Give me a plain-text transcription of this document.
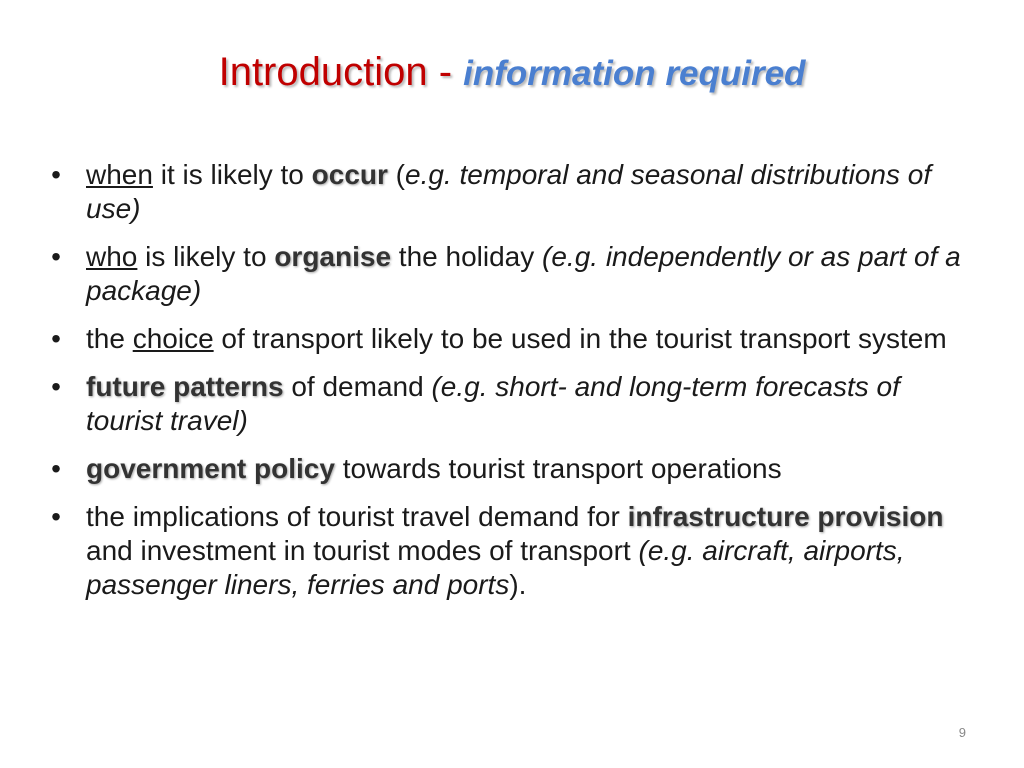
Introduction - information required
• when it is likely to occur (e.g. temporal and seasonal distributions of use)
• who is likely to organise the holiday (e.g. independently or as part of a package)
• the choice of transport likely to be used in the tourist transport system
• future patterns of demand (e.g. short- and long-term forecasts of tourist travel)
• government policy towards tourist transport operations
• the implications of tourist travel demand for infrastructure provision and investment in tourist modes of transport (e.g. aircraft, airports, passenger liners, ferries and ports).
9
